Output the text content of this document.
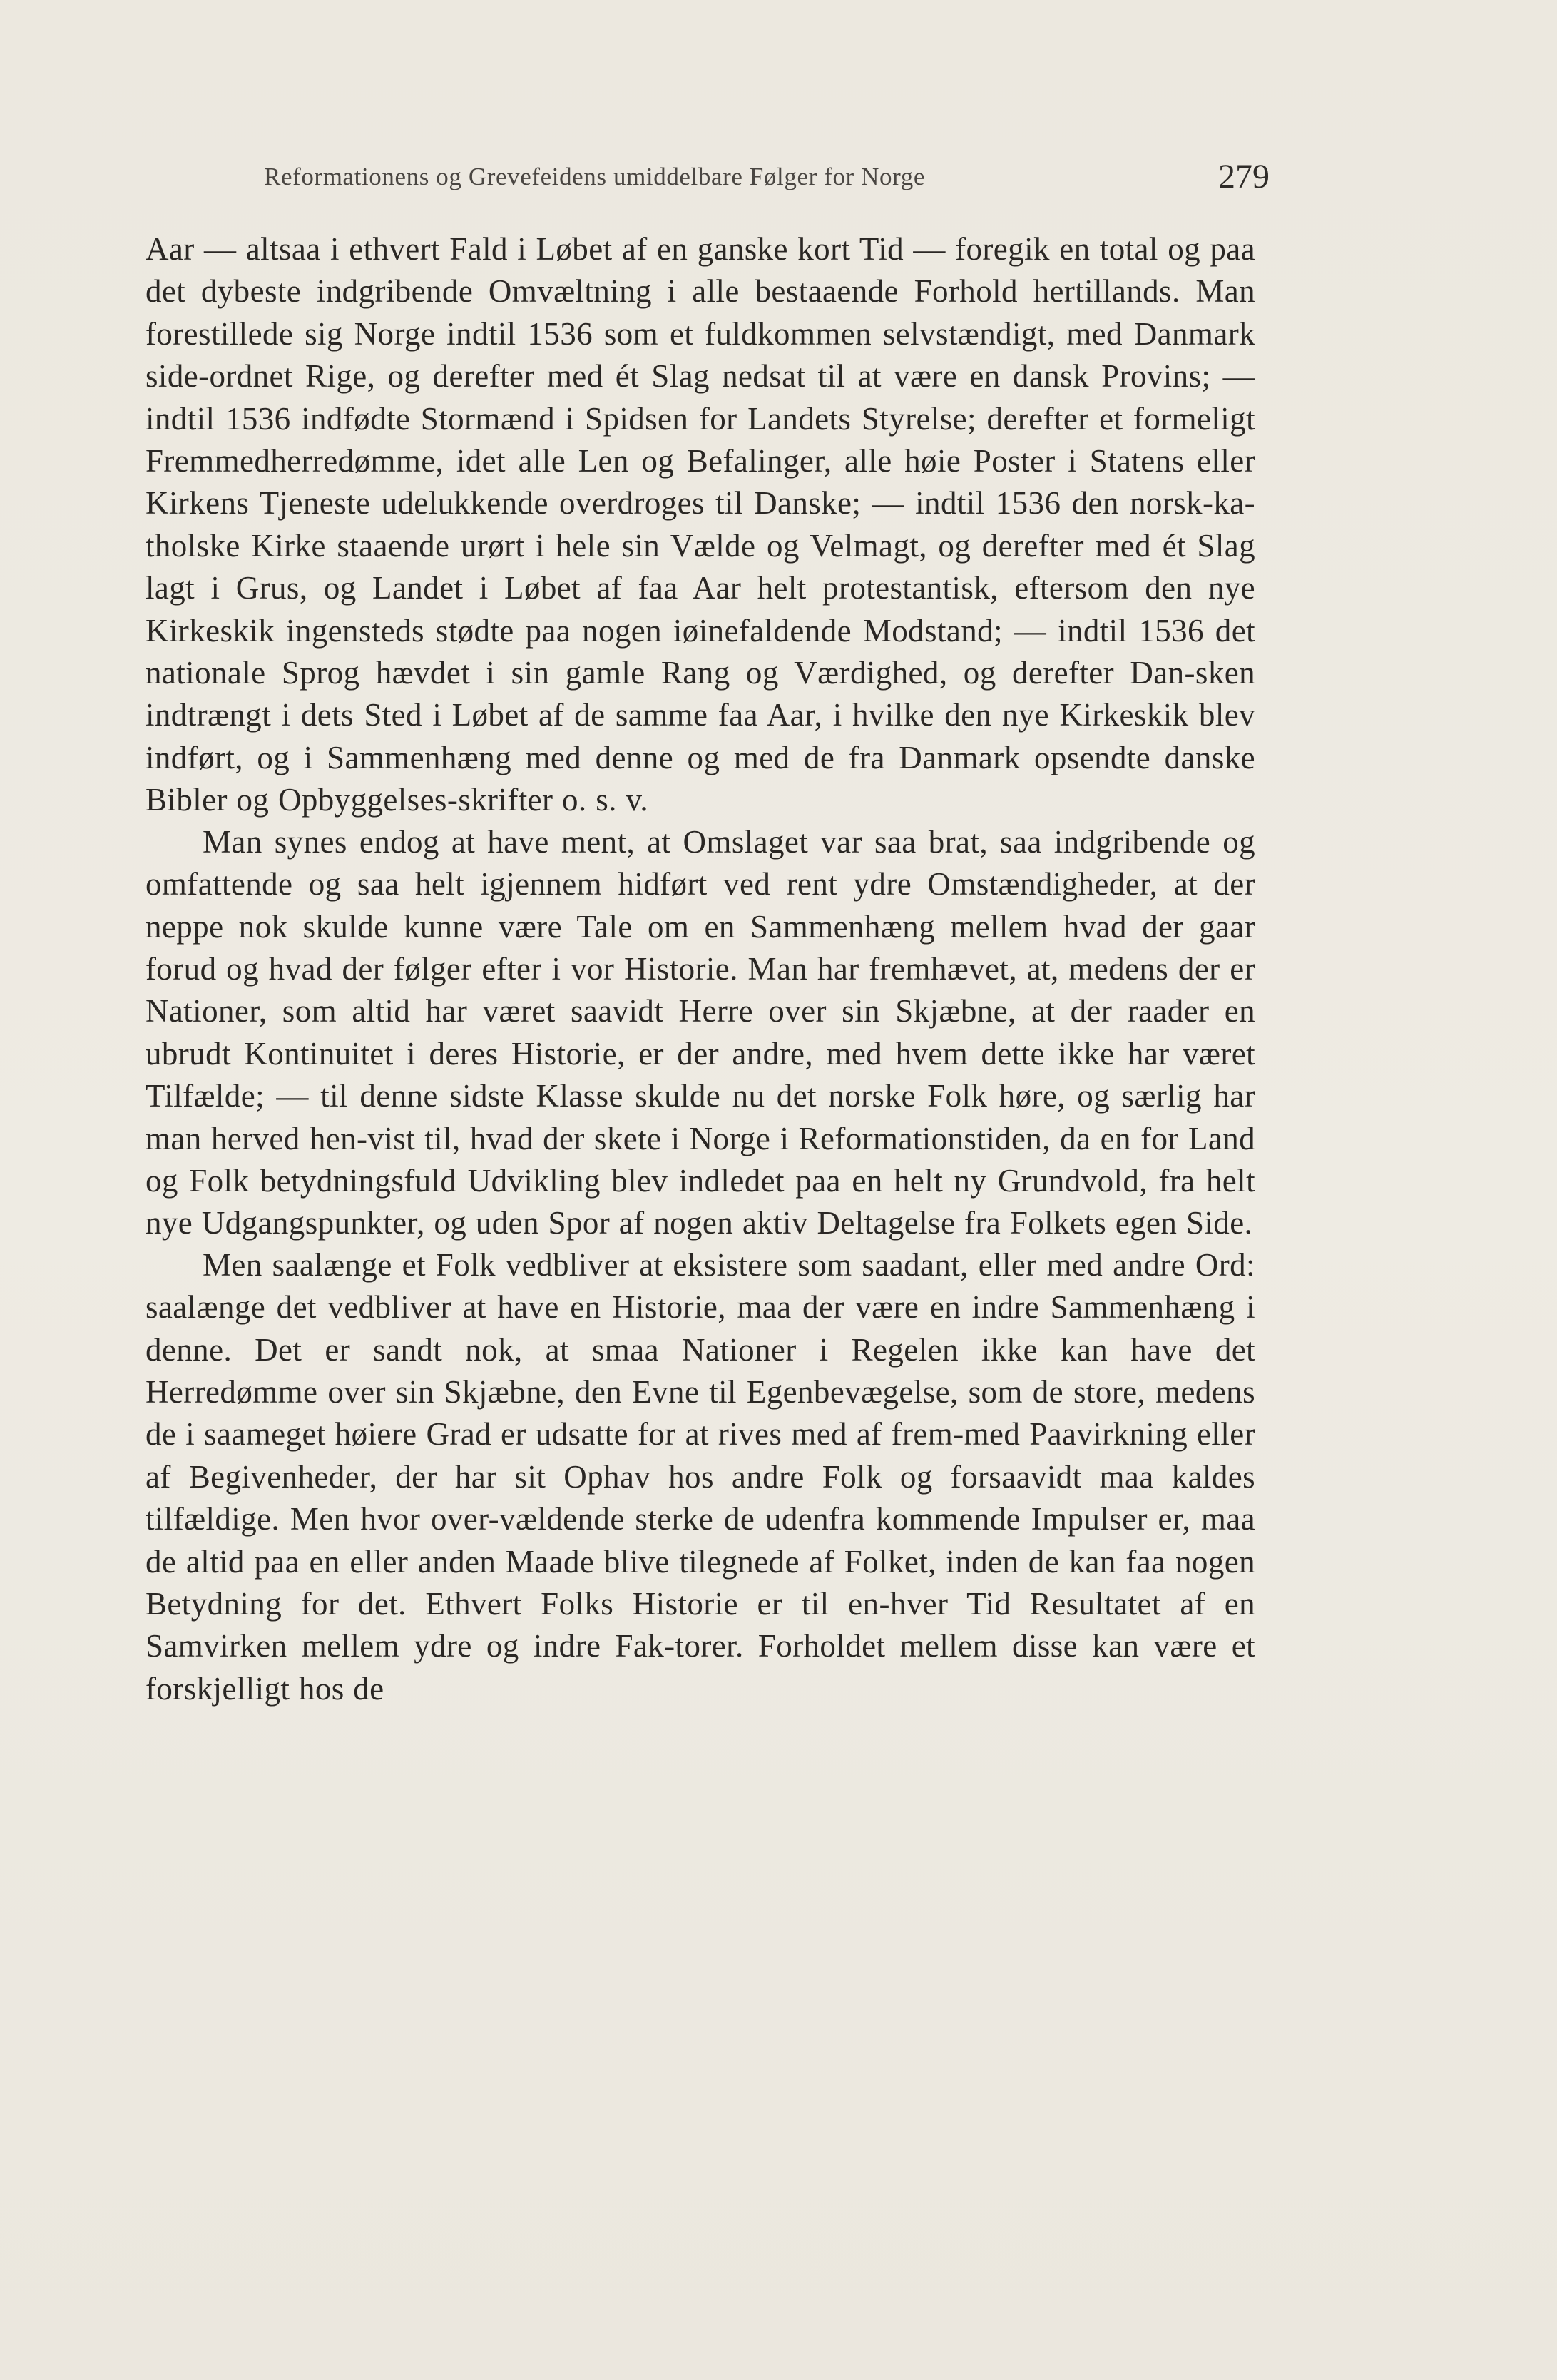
Reformationens og Grevefeidens umiddelbare Følger for Norge	279

Aar — altsaa i ethvert Fald i Løbet af en ganske kort Tid — foregik en total og paa det dybeste indgribende Omvæltning i alle bestaaende Forhold hertillands. Man forestillede sig Norge indtil 1536 som et fuldkommen selvstændigt, med Danmark side-ordnet Rige, og derefter med ét Slag nedsat til at være en dansk Provins; — indtil 1536 indfødte Stormænd i Spidsen for Landets Styrelse; derefter et formeligt Fremmedherredømme, idet alle Len og Befalinger, alle høie Poster i Statens eller Kirkens Tjeneste udelukkende overdroges til Danske; — indtil 1536 den norsk-ka-tholske Kirke staaende urørt i hele sin Vælde og Velmagt, og derefter med ét Slag lagt i Grus, og Landet i Løbet af faa Aar helt protestantisk, eftersom den nye Kirkeskik ingensteds stødte paa nogen iøinefaldende Modstand; — indtil 1536 det nationale Sprog hævdet i sin gamle Rang og Værdighed, og derefter Dan-sken indtrængt i dets Sted i Løbet af de samme faa Aar, i hvilke den nye Kirkeskik blev indført, og i Sammenhæng med denne og med de fra Danmark opsendte danske Bibler og Opbyggelses-skrifter o. s. v.

Man synes endog at have ment, at Omslaget var saa brat, saa indgribende og omfattende og saa helt igjennem hidført ved rent ydre Omstændigheder, at der neppe nok skulde kunne være Tale om en Sammenhæng mellem hvad der gaar forud og hvad der følger efter i vor Historie. Man har fremhævet, at, medens der er Nationer, som altid har været saavidt Herre over sin Skjæbne, at der raader en ubrudt Kontinuitet i deres Historie, er der andre, med hvem dette ikke har været Tilfælde; — til denne sidste Klasse skulde nu det norske Folk høre, og særlig har man herved hen-vist til, hvad der skete i Norge i Reformationstiden, da en for Land og Folk betydningsfuld Udvikling blev indledet paa en helt ny Grundvold, fra helt nye Udgangspunkter, og uden Spor af nogen aktiv Deltagelse fra Folkets egen Side.

Men saalænge et Folk vedbliver at eksistere som saadant, eller med andre Ord: saalænge det vedbliver at have en Historie, maa der være en indre Sammenhæng i denne. Det er sandt nok, at smaa Nationer i Regelen ikke kan have det Herredømme over sin Skjæbne, den Evne til Egenbevægelse, som de store, medens de i saameget høiere Grad er udsatte for at rives med af frem-med Paavirkning eller af Begivenheder, der har sit Ophav hos andre Folk og forsaavidt maa kaldes tilfældige. Men hvor over-vældende sterke de udenfra kommende Impulser er, maa de altid paa en eller anden Maade blive tilegnede af Folket, inden de kan faa nogen Betydning for det. Ethvert Folks Historie er til en-hver Tid Resultatet af en Samvirken mellem ydre og indre Fak-torer. Forholdet mellem disse kan være et forskjelligt hos de
